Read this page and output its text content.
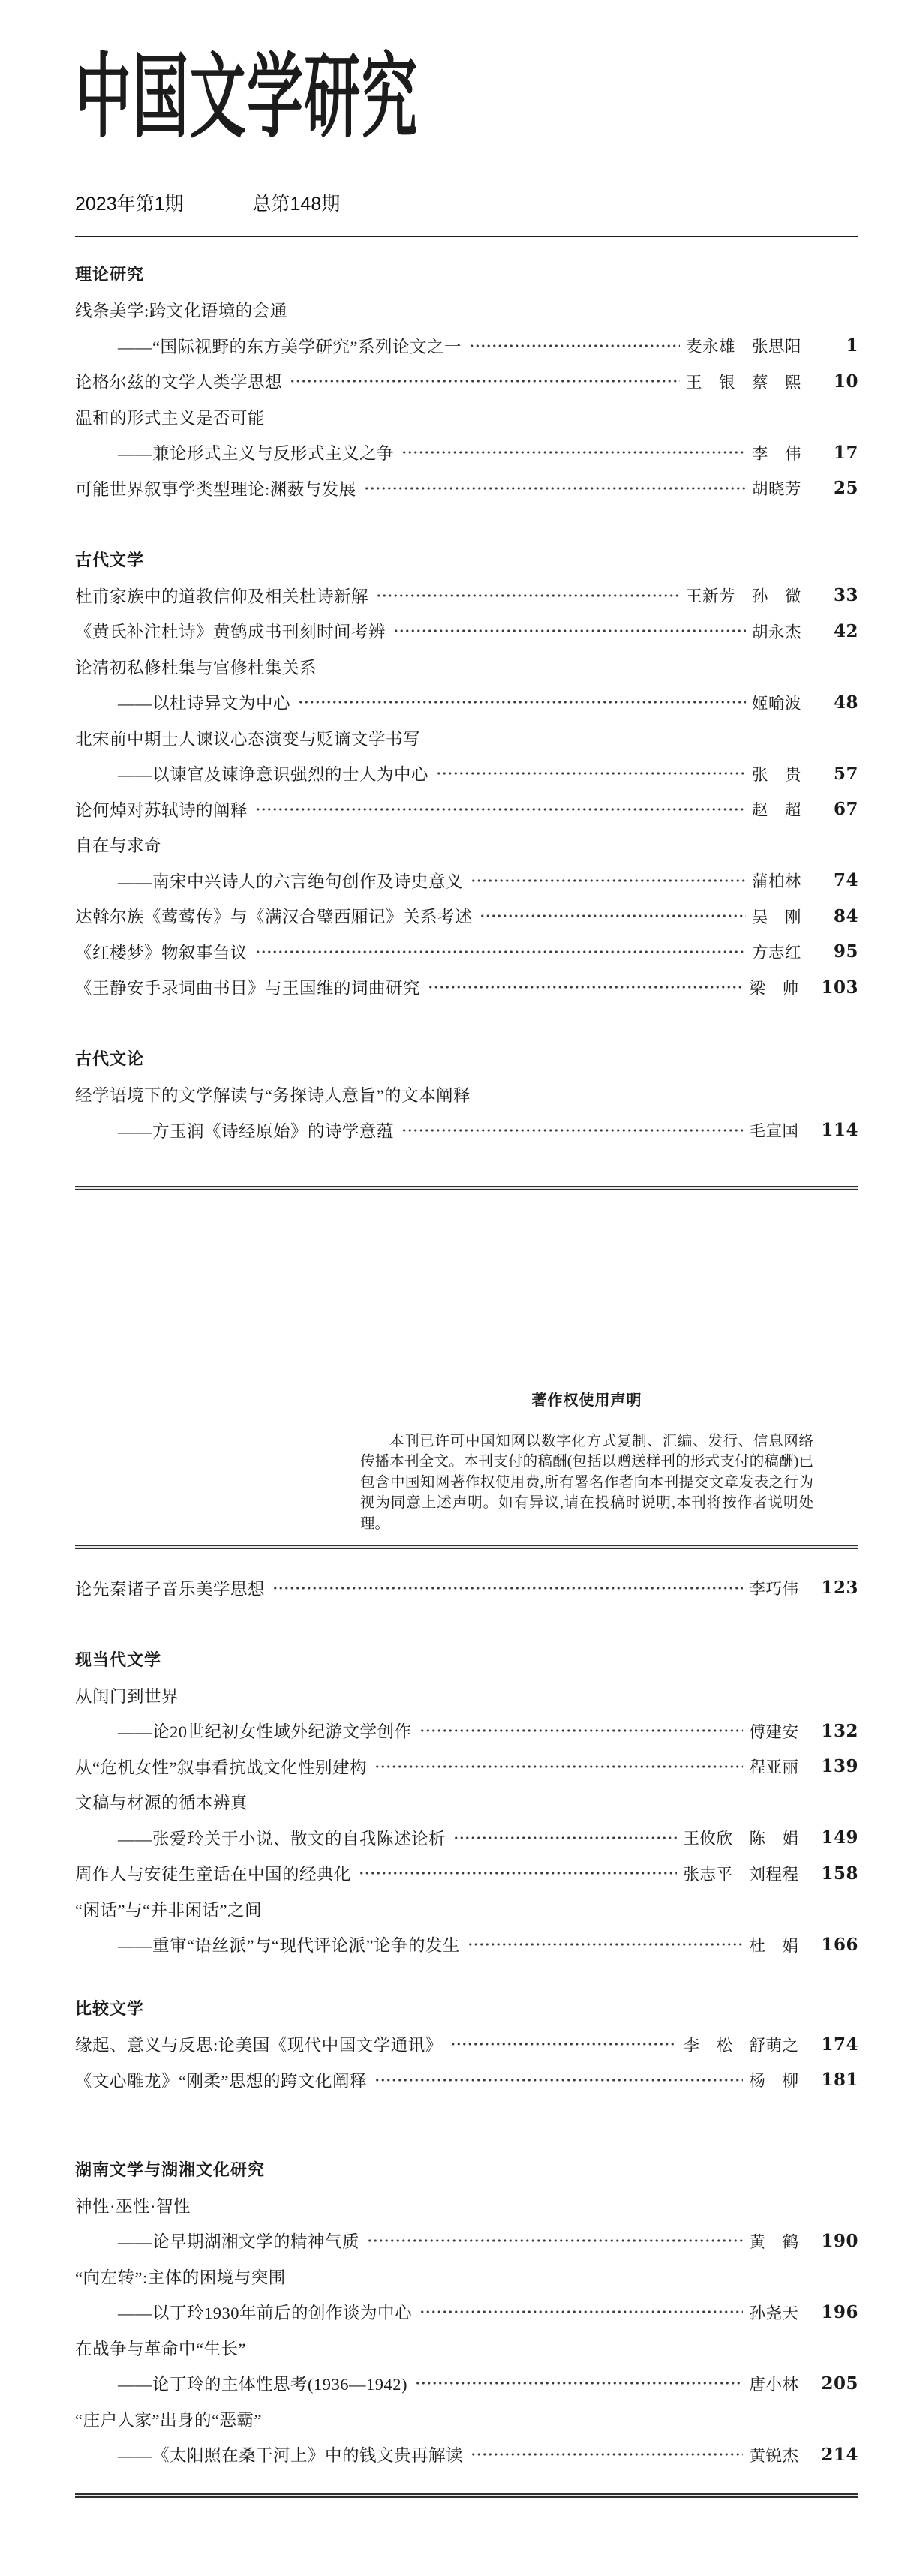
中国文学研究
2023年第1期	总第148期
理论研究
线条美学:跨文化语境的会通
——“国际视野的东方美学研究”系列论文之一	麦永雄　张思阳	1
论格尔兹的文学人类学思想	王　银　蔡　熙	10
温和的形式主义是否可能
——兼论形式主义与反形式主义之争	李　伟	17
可能世界叙事学类型理论:渊薮与发展	胡晓芳	25
古代文学
杜甫家族中的道教信仰及相关杜诗新解	王新芳　孙　微	33
《黄氏补注杜诗》黄鹤成书刊刻时间考辨	胡永杰	42
论清初私修杜集与官修杜集关系
——以杜诗异文为中心	姬喻波	48
北宋前中期士人谏议心态演变与贬谪文学书写
——以谏官及谏诤意识强烈的士人为中心	张　贵	57
论何焯对苏轼诗的阐释	赵　超	67
自在与求奇
——南宋中兴诗人的六言绝句创作及诗史意义	蒲柏林	74
达斡尔族《莺莺传》与《满汉合璧西厢记》关系考述	吴　刚	84
《红楼梦》物叙事刍议	方志红	95
《王静安手录词曲书目》与王国维的词曲研究	梁　帅 103
古代文论
经学语境下的文学解读与“务探诗人意旨”的文本阐释
——方玉润《诗经原始》的诗学意蕴	毛宣国 114
著作权使用声明

本刊已许可中国知网以数字化方式复制、汇编、发行、信息网络传播本刊全文。本刊支付的稿酬(包括以赠送样刊的形式支付的稿酬)已包含中国知网著作权使用费,所有署名作者向本刊提交文章发表之行为视为同意上述声明。如有异议,请在投稿时说明,本刊将按作者说明处理。

论先秦诸子音乐美学思想	李巧伟 123
现当代文学
从闺门到世界
——论20世纪初女性域外纪游文学创作	傅建安 132
从“危机女性”叙事看抗战文化性别建构	程亚丽 139
文稿与材源的循本辨真
——张爱玲关于小说、散文的自我陈述论析	王攸欣　陈　娟 149
周作人与安徒生童话在中国的经典化	张志平　刘程程 158
“闲话”与“并非闲话”之间
——重审“语丝派”与“现代评论派”论争的发生	杜　娟 166
比较文学
缘起、意义与反思:论美国《现代中国文学通讯》	李　松　舒萌之 174
《文心雕龙》“刚柔”思想的跨文化阐释	杨　柳 181
湖南文学与湖湘文化研究
神性·巫性·智性
——论早期湖湘文学的精神气质	黄　鹤 190
“向左转”:主体的困境与突围
——以丁玲1930年前后的创作谈为中心	孙尧天 196
在战争与革命中“生长”
——论丁玲的主体性思考(1936—1942)	唐小林 205
“庄户人家”出身的“恶霸”
——《太阳照在桑干河上》中的钱文贵再解读	黄锐杰 214
